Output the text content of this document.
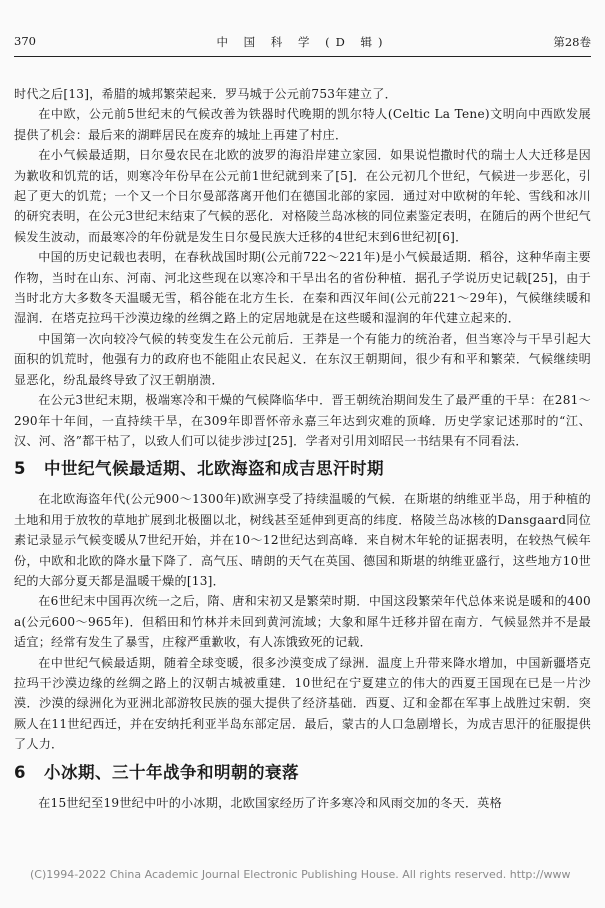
370	中 国 科 学 (D 辑)	第28卷

时代之后[13]，希腊的城邦繁荣起来．罗马城于公元前753年建立了．

在中欧，公元前5世纪末的气候改善为铁器时代晚期的凯尔特人(Celtic La Tene)文明向中西欧发展提供了机会：最后来的湖畔居民在废弃的城址上再建了村庄．

在小气候最适期，日尔曼农民在北欧的波罗的海沿岸建立家园．如果说恺撒时代的瑞士人大迁移是因为歉收和饥荒的话，则寒冷年份早在公元前1世纪就到来了[5]．在公元初几个世纪，气候进一步恶化，引起了更大的饥荒；一个又一个日尔曼部落离开他们在德国北部的家园．通过对中欧树的年轮、雪线和冰川的研究表明，在公元3世纪末结束了气候的恶化．对格陵兰岛冰核的同位素鉴定表明，在随后的两个世纪气候发生波动，而最寒冷的年份就是发生日尔曼民族大迁移的4世纪末到6世纪初[6]．

中国的历史记载也表明，在春秋战国时期(公元前722～221年)是小气候最适期．稻谷，这种华南主要作物，当时在山东、河南、河北这些现在以寒冷和干旱出名的省份种植．据孔子学说历史记载[25]，由于当时北方大多数冬天温暖无雪，稻谷能在北方生长．在秦和西汉年间(公元前221～29年)，气候继续暖和湿润．在塔克拉玛干沙漠边缘的丝绸之路上的定居地就是在这些暖和湿润的年代建立起来的．

中国第一次向较冷气候的转变发生在公元前后．王莽是一个有能力的统治者，但当寒冷与干旱引起大面积的饥荒时，他强有力的政府也不能阻止农民起义．在东汉王朝期间，很少有和平和繁荣．气候继续明显恶化，纷乱最终导致了汉王朝崩溃．

在公元3世纪末期，极端寒冷和干燥的气候降临华中．晋王朝统治期间发生了最严重的干旱：在281～290年十年间，一直持续干旱，在309年即晋怀帝永嘉三年达到灾难的顶峰．历史学家记述那时的“江、汉、河、洛”都干枯了，以致人们可以徒步涉过[25]．学者对引用刘昭民一书结果有不同看法．

5 中世纪气候最适期、北欧海盗和成吉思汗时期

在北欧海盗年代(公元900～1300年)欧洲享受了持续温暖的气候．在斯堪的纳维亚半岛，用于种植的土地和用于放牧的草地扩展到北极圈以北，树线甚至延伸到更高的纬度．格陵兰岛冰核的Dansgaard同位素记录显示气候变暖从7世纪开始，并在10～12世纪达到高峰．来自树木年轮的证据表明，在较热气候年份，中欧和北欧的降水量下降了．高气压、晴朗的天气在英国、德国和斯堪的纳维亚盛行，这些地方10世纪的大部分夏天都是温暖干燥的[13]．

在6世纪末中国再次统一之后，隋、唐和宋初又是繁荣时期．中国这段繁荣年代总体来说是暖和的400 a(公元600～965年)．但稻田和竹林并未回到黄河流域；大象和犀牛迁移并留在南方．气候显然并不是最适宜；经常有发生了暴雪，庄稼严重歉收，有人冻饿致死的记载．

在中世纪气候最适期，随着全球变暖，很多沙漠变成了绿洲．温度上升带来降水增加，中国新疆塔克拉玛干沙漠边缘的丝绸之路上的汉朝古城被重建．10世纪在宁夏建立的伟大的西夏王国现在已是一片沙漠．沙漠的绿洲化为亚洲北部游牧民族的强大提供了经济基础．西夏、辽和金都在军事上战胜过宋朝．突厥人在11世纪西迁，并在安纳托利亚半岛东部定居．最后，蒙古的人口急剧增长，为成吉思汗的征服提供了人力．

6 小冰期、三十年战争和明朝的衰落

在15世纪至19世纪中叶的小冰期，北欧国家经历了许多寒冷和风雨交加的冬天．英格

(C)1994-2022 China Academic Journal Electronic Publishing House. All rights reserved. http://www
